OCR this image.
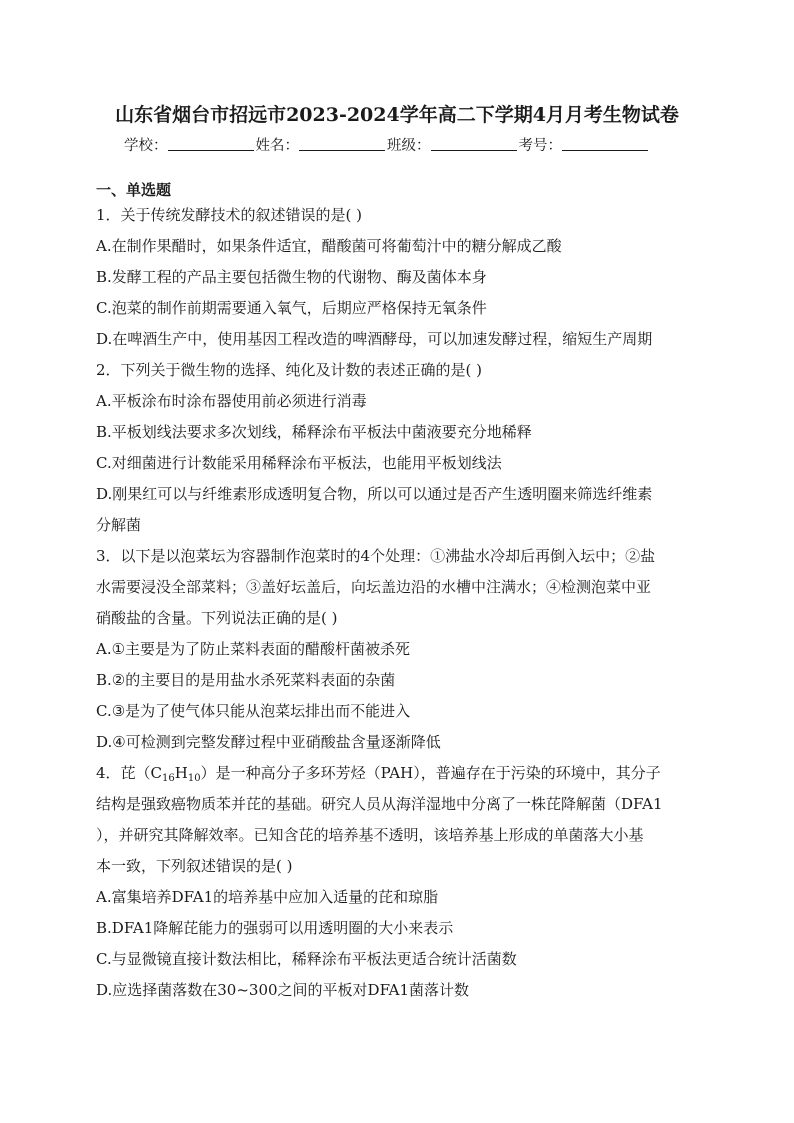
山东省烟台市招远市2023-2024学年高二下学期4月月考生物试卷
学校：	姓名：	班级：	考号：
一、单选题
1．关于传统发酵技术的叙述错误的是( )
A.在制作果醋时，如果条件适宜，醋酸菌可将葡萄汁中的糖分解成乙酸
B.发酵工程的产品主要包括微生物的代谢物、酶及菌体本身
C.泡菜的制作前期需要通入氧气，后期应严格保持无氧条件
D.在啤酒生产中，使用基因工程改造的啤酒酵母，可以加速发酵过程，缩短生产周期
2．下列关于微生物的选择、纯化及计数的表述正确的是( )
A.平板涂布时涂布器使用前必须进行消毒
B.平板划线法要求多次划线，稀释涂布平板法中菌液要充分地稀释
C.对细菌进行计数能采用稀释涂布平板法，也能用平板划线法
D.刚果红可以与纤维素形成透明复合物，所以可以通过是否产生透明圈来筛选纤维素
分解菌
3．以下是以泡菜坛为容器制作泡菜时的4个处理：①沸盐水冷却后再倒入坛中；②盐
水需要浸没全部菜料；③盖好坛盖后，向坛盖边沿的水槽中注满水；④检测泡菜中亚
硝酸盐的含量。下列说法正确的是( )
A.①主要是为了防止菜料表面的醋酸杆菌被杀死
B.②的主要目的是用盐水杀死菜料表面的杂菌
C.③是为了使气体只能从泡菜坛排出而不能进入
D.④可检测到完整发酵过程中亚硝酸盐含量逐渐降低
4．芘$(C_{16}H_{10})$是一种高分子多环芳烃（PAH），普遍存在于污染的环境中，其分子
结构是强致癌物质苯并芘的基础。研究人员从海洋湿地中分离了一株芘降解菌（DFA1
），并研究其降解效率。已知含芘的培养基不透明，该培养基上形成的单菌落大小基
本一致，下列叙述错误的是( )
A.富集培养DFA1的培养基中应加入适量的芘和琼脂
B.DFA1降解芘能力的强弱可以用透明圈的大小来表示
C.与显微镜直接计数法相比，稀释涂布平板法更适合统计活菌数
D.应选择菌落数在30~300之间的平板对DFA1菌落计数
